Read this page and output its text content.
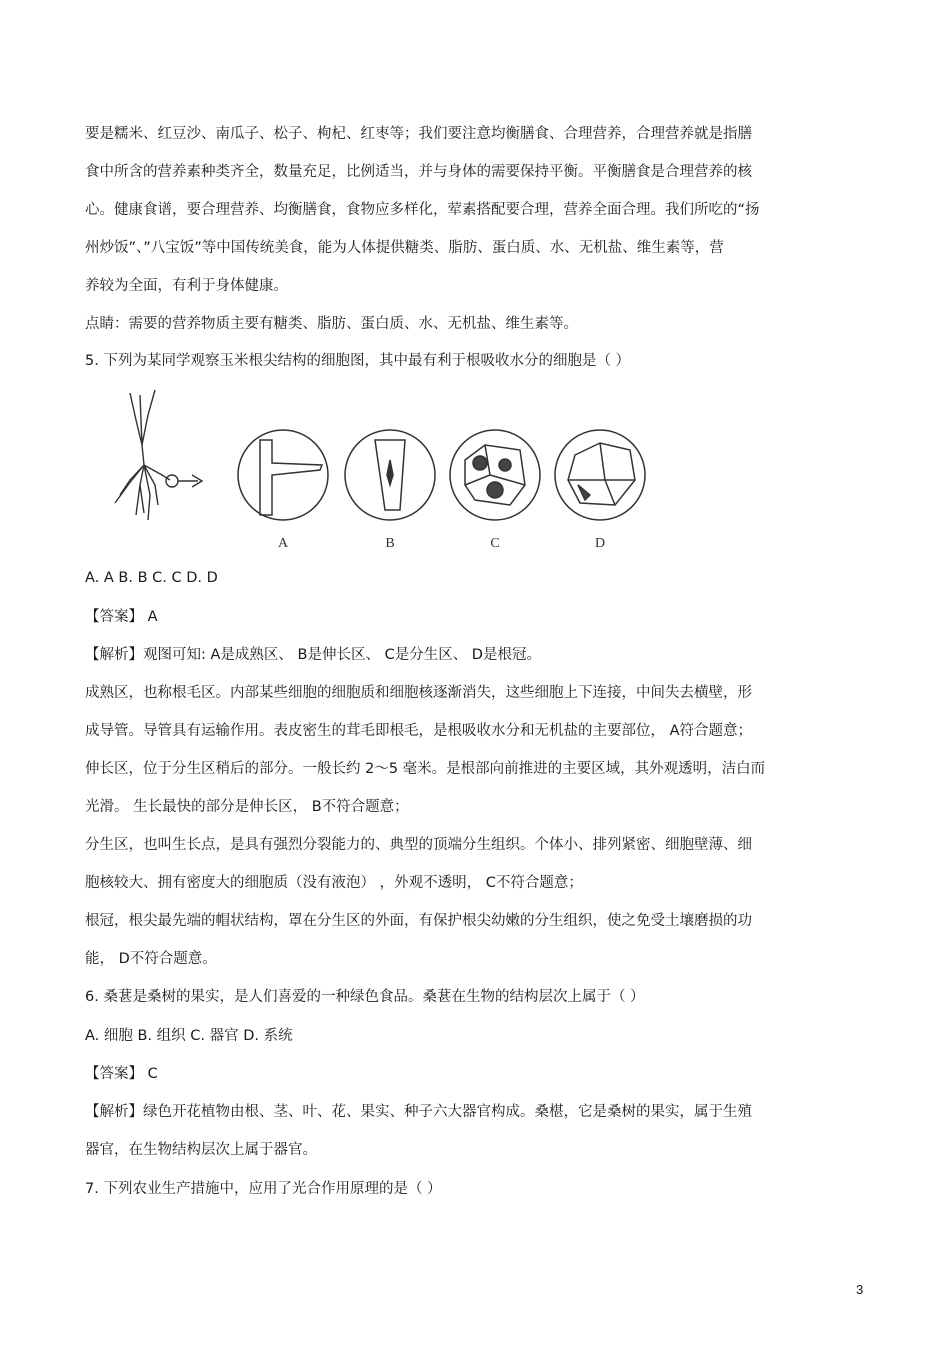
要是糯米、红豆沙、南瓜子、松子、枸杞、红枣等；我们要注意均衡膳食、合理营养，合理营养就是指膳
食中所含的营养素种类齐全，数量充足，比例适当，并与身体的需要保持平衡。平衡膳食是合理营养的核
心。健康食谱，要合理营养、均衡膳食，食物应多样化，荤素搭配要合理，营养全面合理。我们所吃的“扬
州炒饭”、”八宝饭”等中国传统美食，能为人体提供糖类、脂肪、蛋白质、水、无机盐、维生素等，营
养较为全面，有利于身体健康。
点睛：需要的营养物质主要有糖类、脂肪、蛋白质、水、无机盐、维生素等。
5. 下列为某同学观察玉米根尖结构的细胞图，其中最有利于根吸收水分的细胞是（ ）
A	B	C	D
A. A B. B C. C D. D
【答案】 A
【解析】观图可知: A是成熟区、 B是伸长区、 C是分生区、 D是根冠。
成熟区，也称根毛区。内部某些细胞的细胞质和细胞核逐渐消失，这些细胞上下连接，中间失去横壁，形
成导管。导管具有运输作用。表皮密生的茸毛即根毛，是根吸收水分和无机盐的主要部位， A符合题意；
伸长区，位于分生区稍后的部分。一般长约 2～5 毫米。是根部向前推进的主要区域，其外观透明，洁白而
光滑。 生长最快的部分是伸长区， B不符合题意；
分生区，也叫生长点，是具有强烈分裂能力的、典型的顶端分生组织。个体小、排列紧密、细胞壁薄、细
胞核较大、拥有密度大的细胞质（没有液泡） ，外观不透明， C不符合题意；
根冠，根尖最先端的帽状结构，罩在分生区的外面，有保护根尖幼嫩的分生组织，使之免受土壤磨损的功
能， D不符合题意。
6. 桑葚是桑树的果实，是人们喜爱的一种绿色食品。桑葚在生物的结构层次上属于（ ）
A. 细胞 B. 组织 C. 器官 D. 系统
【答案】 C
【解析】绿色开花植物由根、茎、叶、花、果实、种子六大器官构成。桑椹，它是桑树的果实，属于生殖
器官，在生物结构层次上属于器官。
7. 下列农业生产措施中，应用了光合作用原理的是（ ）
3
